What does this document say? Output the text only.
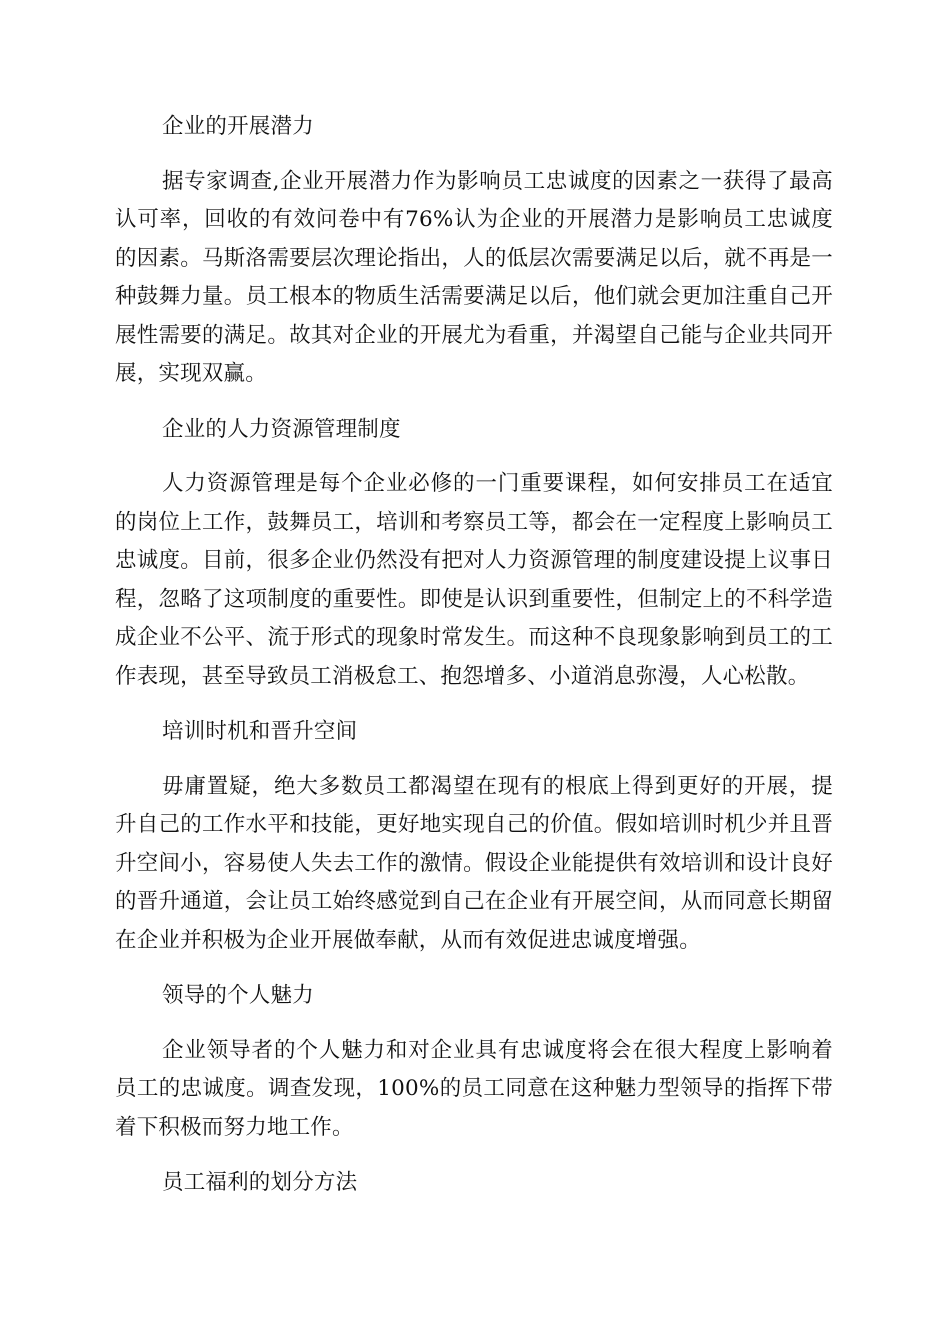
企业的开展潜力

据专家调查,企业开展潜力作为影响员工忠诚度的因素之一获得了最高认可率，回收的有效问卷中有76%认为企业的开展潜力是影响员工忠诚度的因素。马斯洛需要层次理论指出，人的低层次需要满足以后，就不再是一种鼓舞力量。员工根本的物质生活需要满足以后，他们就会更加注重自己开展性需要的满足。故其对企业的开展尤为看重，并渴望自己能与企业共同开展，实现双赢。

企业的人力资源管理制度

人力资源管理是每个企业必修的一门重要课程，如何安排员工在适宜的岗位上工作，鼓舞员工，培训和考察员工等，都会在一定程度上影响员工忠诚度。目前，很多企业仍然没有把对人力资源管理的制度建设提上议事日程，忽略了这项制度的重要性。即使是认识到重要性，但制定上的不科学造成企业不公平、流于形式的现象时常发生。而这种不良现象影响到员工的工作表现，甚至导致员工消极怠工、抱怨增多、小道消息弥漫，人心松散。

培训时机和晋升空间

毋庸置疑，绝大多数员工都渴望在现有的根底上得到更好的开展，提升自己的工作水平和技能，更好地实现自己的价值。假如培训时机少并且晋升空间小，容易使人失去工作的激情。假设企业能提供有效培训和设计良好的晋升通道，会让员工始终感觉到自己在企业有开展空间，从而同意长期留在企业并积极为企业开展做奉献，从而有效促进忠诚度增强。

领导的个人魅力

企业领导者的个人魅力和对企业具有忠诚度将会在很大程度上影响着员工的忠诚度。调查发现，100%的员工同意在这种魅力型领导的指挥下带着下积极而努力地工作。

员工福利的划分方法
